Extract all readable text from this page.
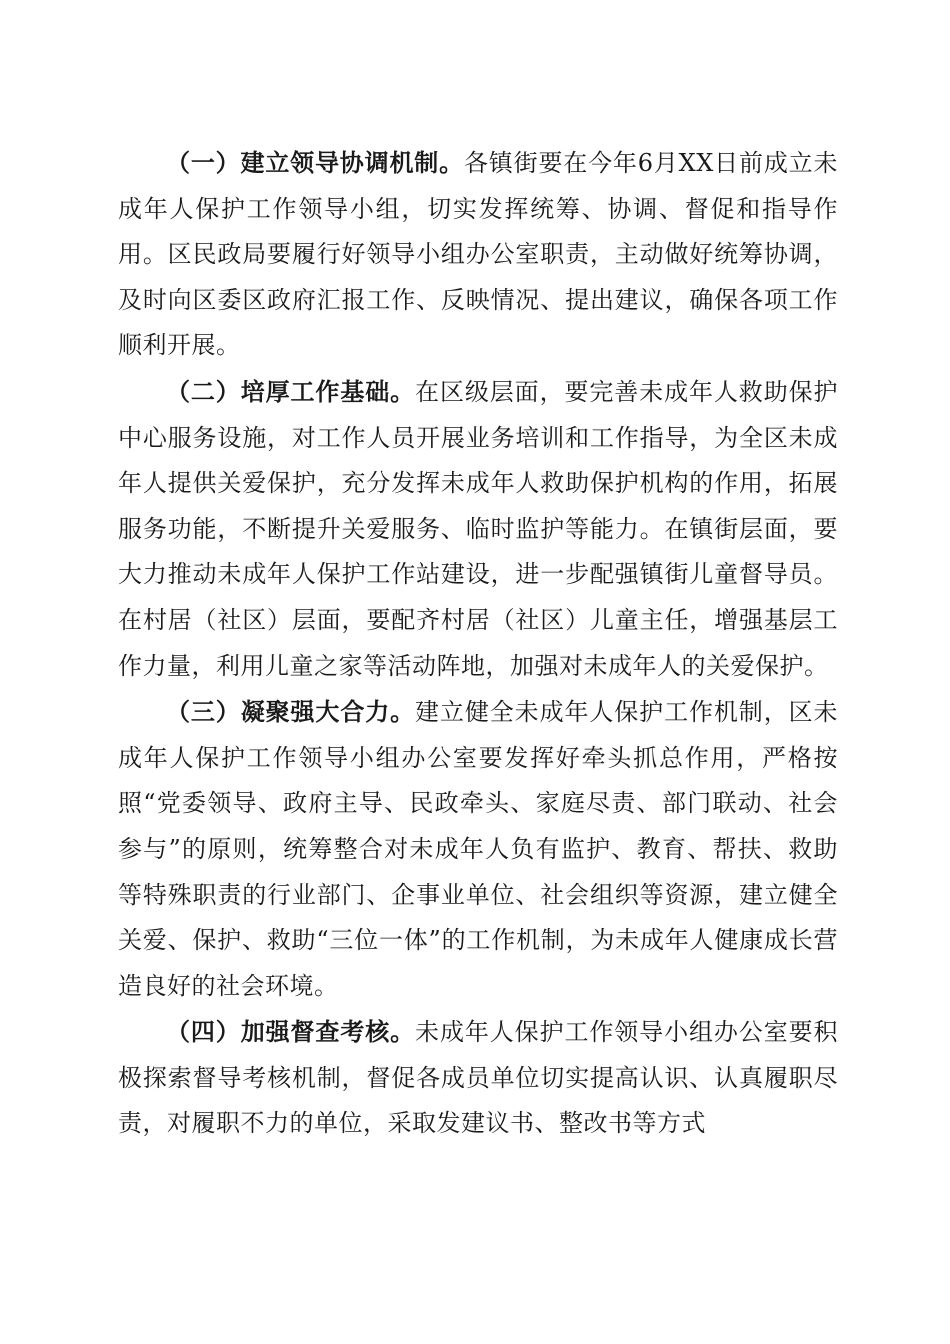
（一）建立领导协调机制。各镇街要在今年6月XX日前成立未成年人保护工作领导小组，切实发挥统筹、协调、督促和指导作用。区民政局要履行好领导小组办公室职责，主动做好统筹协调，及时向区委区政府汇报工作、反映情况、提出建议，确保各项工作顺利开展。

（二）培厚工作基础。在区级层面，要完善未成年人救助保护中心服务设施，对工作人员开展业务培训和工作指导，为全区未成年人提供关爱保护，充分发挥未成年人救助保护机构的作用，拓展服务功能，不断提升关爱服务、临时监护等能力。在镇街层面，要大力推动未成年人保护工作站建设，进一步配强镇街儿童督导员。在村居（社区）层面，要配齐村居（社区）儿童主任，增强基层工作力量，利用儿童之家等活动阵地，加强对未成年人的关爱保护。

（三）凝聚强大合力。建立健全未成年人保护工作机制，区未成年人保护工作领导小组办公室要发挥好牵头抓总作用，严格按照“党委领导、政府主导、民政牵头、家庭尽责、部门联动、社会参与”的原则，统筹整合对未成年人负有监护、教育、帮扶、救助等特殊职责的行业部门、企事业单位、社会组织等资源，建立健全关爱、保护、救助“三位一体”的工作机制，为未成年人健康成长营造良好的社会环境。

（四）加强督查考核。未成年人保护工作领导小组办公室要积极探索督导考核机制，督促各成员单位切实提高认识、认真履职尽责，对履职不力的单位，采取发建议书、整改书等方式
